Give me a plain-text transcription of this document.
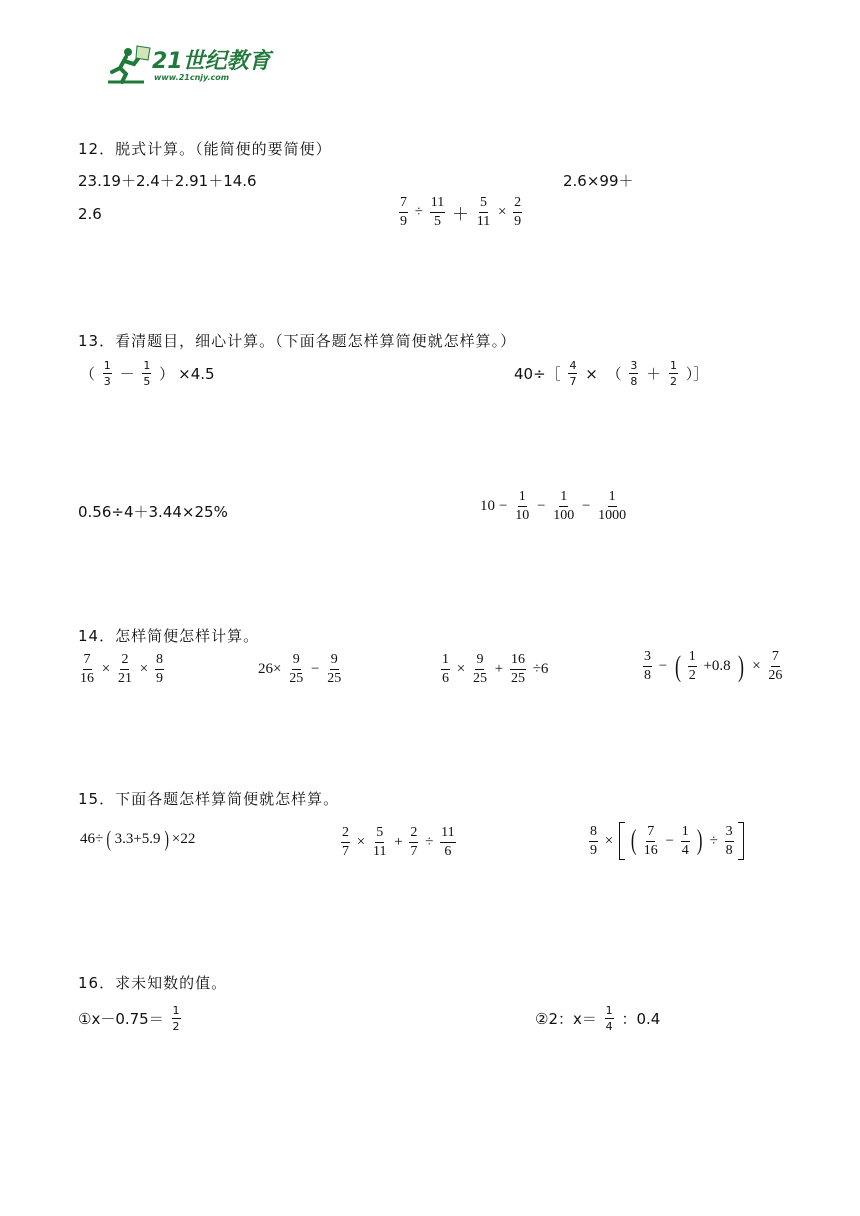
21世纪教育
www.21cnjy.com
12．脱式计算。（能简便的要简便）
23.19＋2.4＋2.91＋14.6	2.6×99＋
2.6	$\frac{7}{9} \div \frac{11}{5} + \frac{5}{11} \times \frac{2}{9}$
13．看清题目，细心计算。（下面各题怎样算简便就怎样算。）
（ $\frac{1}{3} - \frac{1}{5}$ ） ×4.5	40÷［ $\frac{4}{7}$ × （ $\frac{3}{8} + \frac{1}{2}$ ）］
0.56÷4＋3.44×25%	$10 - \frac{1}{10} - \frac{1}{100} - \frac{1}{1000}$
14．怎样简便怎样计算。
$\frac{7}{16} \times \frac{2}{21} \times \frac{8}{9}$	$26\times \frac{9}{25} - \frac{9}{25}$	$\frac{1}{6} \times \frac{9}{25} + \frac{16}{25} \div 6$	$\frac{3}{8}$ − ( $\frac{1}{2} +0.8$ ) × $\frac{7}{26}$
15．下面各题怎样算简便就怎样算。
46÷ ( 3.3+5.9 ) ×22	$\frac{2}{7} \times \frac{5}{11} + \frac{2}{7} \div \frac{11}{6}$	$\frac{8}{9}$ × ( $\frac{7}{16} - \frac{1}{4}$ ) ÷ $\frac{3}{8}$

16．求未知数的值。
①x－0.75＝ $\frac{1}{2}$	②2：$x= \frac{1}{4}$ ：0.4
